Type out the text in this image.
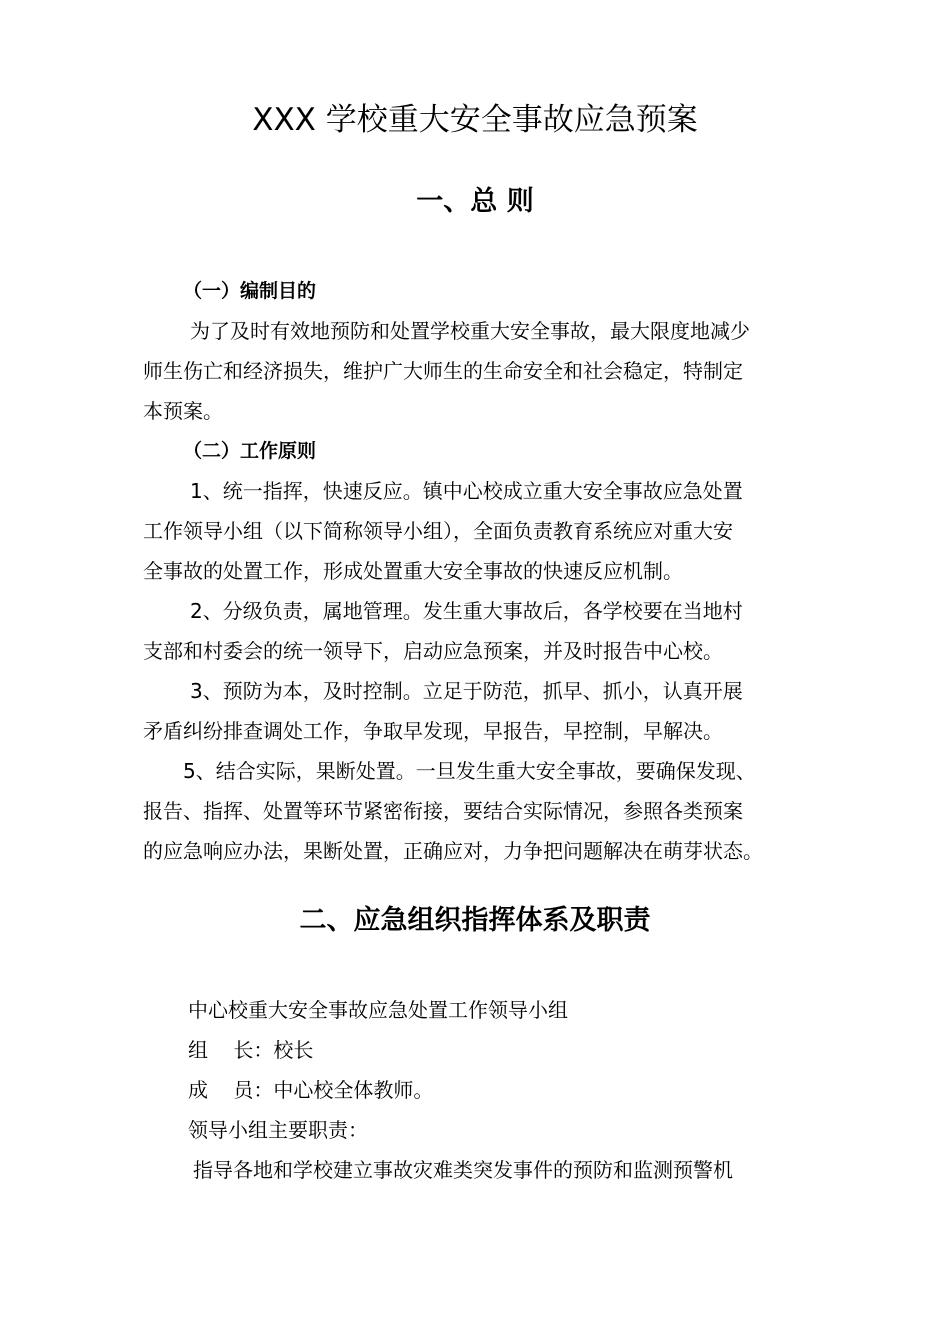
XXX 学校重大安全事故应急预案
一、总 则
（一）编制目的
为了及时有效地预防和处置学校重大安全事故，最大限度地减少
师生伤亡和经济损失，维护广大师生的生命安全和社会稳定，特制定
本预案。
（二）工作原则
1、统一指挥，快速反应。镇中心校成立重大安全事故应急处置
工作领导小组（以下简称领导小组），全面负责教育系统应对重大安
全事故的处置工作，形成处置重大安全事故的快速反应机制。
2、分级负责，属地管理。发生重大事故后，各学校要在当地村
支部和村委会的统一领导下，启动应急预案，并及时报告中心校。
3、预防为本，及时控制。立足于防范，抓早、抓小，认真开展
矛盾纠纷排查调处工作，争取早发现，早报告，早控制，早解决。
5、结合实际，果断处置。一旦发生重大安全事故，要确保发现、
报告、指挥、处置等环节紧密衔接，要结合实际情况，参照各类预案
的应急响应办法，果断处置，正确应对，力争把问题解决在萌芽状态。
二、应急组织指挥体系及职责
中心校重大安全事故应急处置工作领导小组
组    长：校长
成    员：中心校全体教师。
领导小组主要职责：
指导各地和学校建立事故灾难类突发事件的预防和监测预警机
